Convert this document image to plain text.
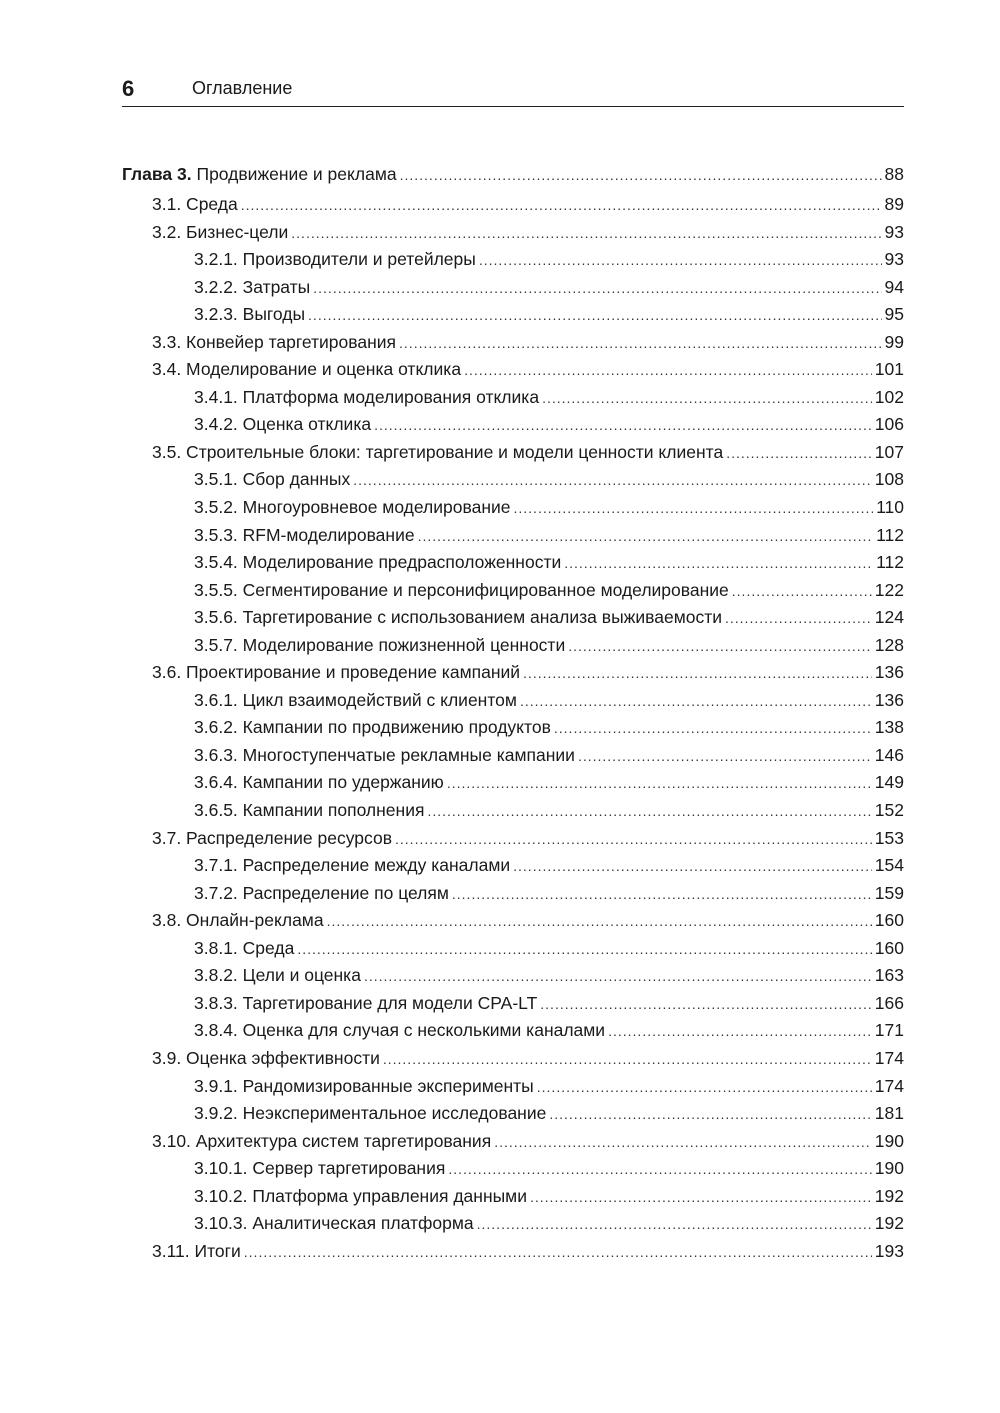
6	Оглавление
Глава 3. Продвижение и реклама .....	88
3.1. Среда .....	89
3.2. Бизнес-цели .....	93
3.2.1. Производители и ретейлеры .....	93
3.2.2. Затраты .....	94
3.2.3. Выгоды .....	95
3.3. Конвейер таргетирования .....	99
3.4. Моделирование и оценка отклика .....	101
3.4.1. Платформа моделирования отклика .....	102
3.4.2. Оценка отклика .....	106
3.5. Строительные блоки: таргетирование и модели ценности клиента .....	107
3.5.1. Сбор данных .....	108
3.5.2. Многоуровневое моделирование .....	110
3.5.3. RFM-моделирование .....	112
3.5.4. Моделирование предрасположенности .....	112
3.5.5. Сегментирование и персонифицированное моделирование .....	122
3.5.6. Таргетирование с использованием анализа выживаемости .....	124
3.5.7. Моделирование пожизненной ценности .....	128
3.6. Проектирование и проведение кампаний .....	136
3.6.1. Цикл взаимодействий с клиентом .....	136
3.6.2. Кампании по продвижению продуктов .....	138
3.6.3. Многоступенчатые рекламные кампании .....	146
3.6.4. Кампании по удержанию .....	149
3.6.5. Кампании пополнения .....	152
3.7. Распределение ресурсов .....	153
3.7.1. Распределение между каналами .....	154
3.7.2. Распределение по целям .....	159
3.8. Онлайн-реклама .....	160
3.8.1. Среда .....	160
3.8.2. Цели и оценка .....	163
3.8.3. Таргетирование для модели CPA-LT .....	166
3.8.4. Оценка для случая с несколькими каналами .....	171
3.9. Оценка эффективности .....	174
3.9.1. Рандомизированные эксперименты .....	174
3.9.2. Неэкспериментальное исследование .....	181
3.10. Архитектура систем таргетирования .....	190
3.10.1. Сервер таргетирования .....	190
3.10.2. Платформа управления данными .....	192
3.10.3. Аналитическая платформа .....	192
3.11. Итоги .....	193
